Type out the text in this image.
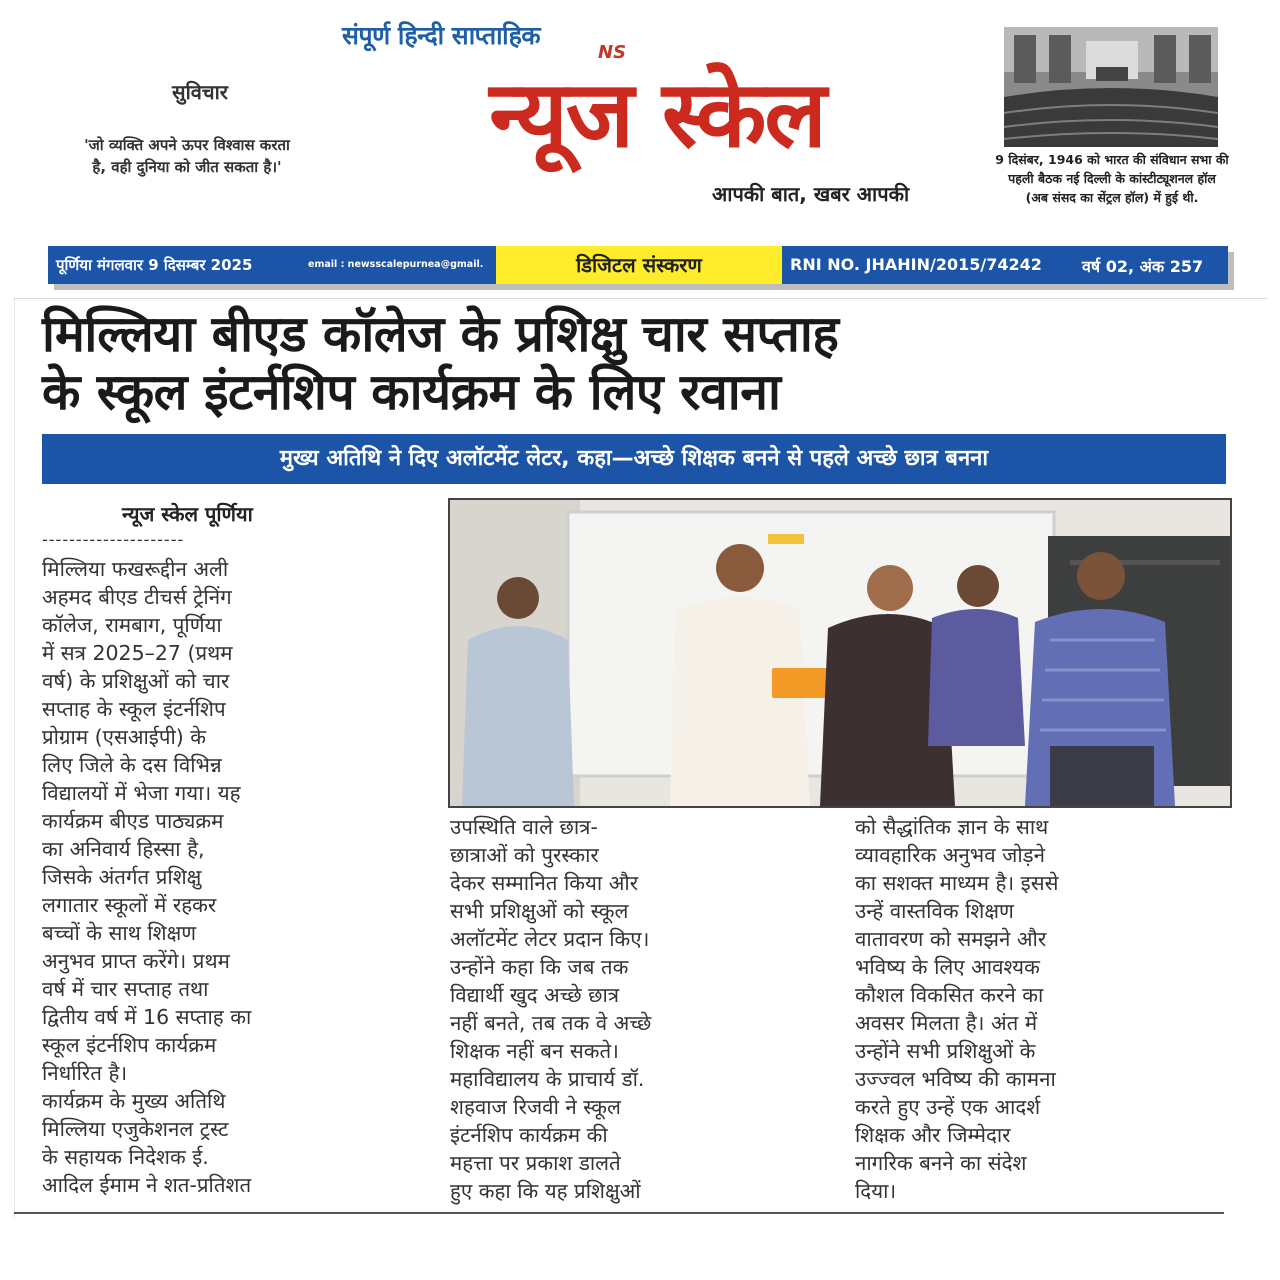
सुविचार
'जो व्यक्ति अपने ऊपर विश्वास करता है, वही दुनिया को जीत सकता है।'
संपूर्ण हिन्दी साप्ताहिक
NS
न्यूज स्केल
आपकी बात, खबर आपकी
9 दिसंबर, 1946 को भारत की संविधान सभा की पहली बैठक नई दिल्ली के कांस्टीट्यूशनल हॉल (अब संसद का सेंट्रल हॉल) में हुई थी.
पूर्णिया मंगलवार 9 दिसम्बर 2025	email : newsscalepurnea@gmail.	डिजिटल संस्करण	RNI NO. JHAHIN/2015/74242	वर्ष 02, अंक 257
मिल्लिया बीएड कॉलेज के प्रशिक्षु चार सप्ताह
के स्कूल इंटर्नशिप कार्यक्रम के लिए रवाना
मुख्य अतिथि ने दिए अलॉटमेंट लेटर, कहा—अच्छे शिक्षक बनने से पहले अच्छे छात्र बनना
न्यूज स्केल पूर्णिया
---------------------
मिल्लिया फखरूद्दीन अली
अहमद बीएड टीचर्स ट्रेनिंग
कॉलेज, रामबाग, पूर्णिया
में सत्र 2025–27 (प्रथम
वर्ष) के प्रशिक्षुओं को चार
सप्ताह के स्कूल इंटर्नशिप
प्रोग्राम (एसआईपी) के
लिए जिले के दस विभिन्न
विद्यालयों में भेजा गया। यह
कार्यक्रम बीएड पाठ्यक्रम
का अनिवार्य हिस्सा है,
जिसके अंतर्गत प्रशिक्षु
लगातार स्कूलों में रहकर
बच्चों के साथ शिक्षण
अनुभव प्राप्त करेंगे। प्रथम
वर्ष में चार सप्ताह तथा
द्वितीय वर्ष में 16 सप्ताह का
स्कूल इंटर्नशिप कार्यक्रम
निर्धारित है।
कार्यक्रम के मुख्य अतिथि
मिल्लिया एजुकेशनल ट्रस्ट
के सहायक निदेशक ई.
आदिल ईमाम ने शत-प्रतिशत
उपस्थिति वाले छात्र-
छात्राओं को पुरस्कार
देकर सम्मानित किया और
सभी प्रशिक्षुओं को स्कूल
अलॉटमेंट लेटर प्रदान किए।
उन्होंने कहा कि जब तक
विद्यार्थी खुद अच्छे छात्र
नहीं बनते, तब तक वे अच्छे
शिक्षक नहीं बन सकते।
महाविद्यालय के प्राचार्य डॉ.
शहवाज रिजवी ने स्कूल
इंटर्नशिप कार्यक्रम की
महत्ता पर प्रकाश डालते
हुए कहा कि यह प्रशिक्षुओं
को सैद्धांतिक ज्ञान के साथ
व्यावहारिक अनुभव जोड़ने
का सशक्त माध्यम है। इससे
उन्हें वास्तविक शिक्षण
वातावरण को समझने और
भविष्य के लिए आवश्यक
कौशल विकसित करने का
अवसर मिलता है। अंत में
उन्होंने सभी प्रशिक्षुओं के
उज्ज्वल भविष्य की कामना
करते हुए उन्हें एक आदर्श
शिक्षक और जिम्मेदार
नागरिक बनने का संदेश
दिया।
